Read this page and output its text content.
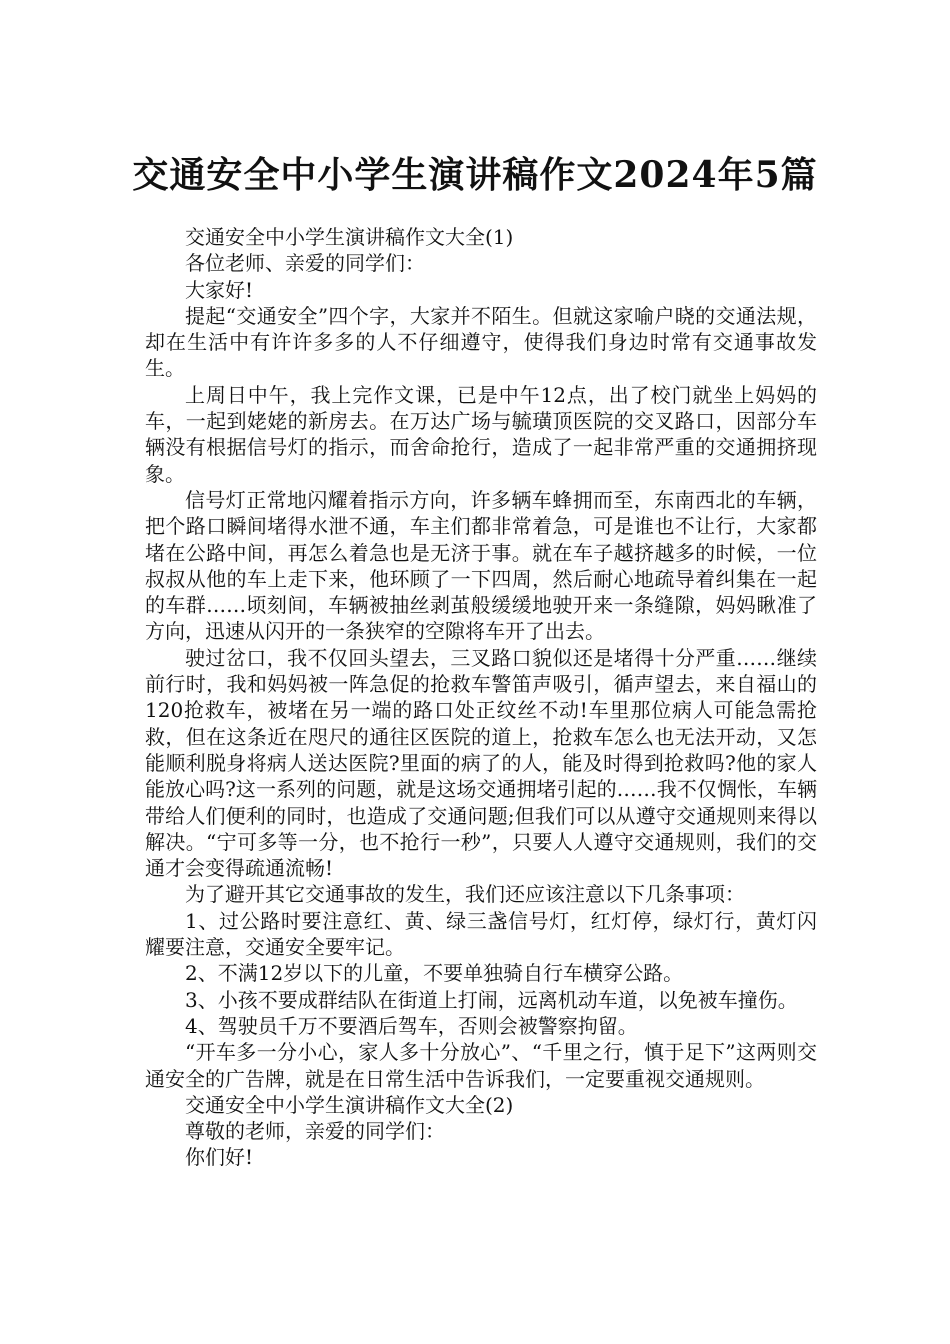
交通安全中小学生演讲稿作文2024年5篇

交通安全中小学生演讲稿作文大全(1)

各位老师、亲爱的同学们：

大家好!

提起“交通安全”四个字，大家并不陌生。但就这家喻户晓的交通法规，却在生活中有许许多多的人不仔细遵守，使得我们身边时常有交通事故发生。

上周日中午，我上完作文课，已是中午12点，出了校门就坐上妈妈的车，一起到姥姥的新房去。在万达广场与毓璜顶医院的交叉路口，因部分车辆没有根据信号灯的指示，而舍命抢行，造成了一起非常严重的交通拥挤现象。

信号灯正常地闪耀着指示方向，许多辆车蜂拥而至，东南西北的车辆，把个路口瞬间堵得水泄不通，车主们都非常着急，可是谁也不让行，大家都堵在公路中间，再怎么着急也是无济于事。就在车子越挤越多的时候，一位叔叔从他的车上走下来，他环顾了一下四周，然后耐心地疏导着纠集在一起的车群……顷刻间，车辆被抽丝剥茧般缓缓地驶开来一条缝隙，妈妈瞅准了方向，迅速从闪开的一条狭窄的空隙将车开了出去。

驶过岔口，我不仅回头望去，三叉路口貌似还是堵得十分严重……继续前行时，我和妈妈被一阵急促的抢救车警笛声吸引，循声望去，来自福山的120抢救车，被堵在另一端的路口处正纹丝不动!车里那位病人可能急需抢救，但在这条近在咫尺的通往区医院的道上，抢救车怎么也无法开动，又怎能顺利脱身将病人送达医院?里面的病了的人，能及时得到抢救吗?他的家人能放心吗?这一系列的问题，就是这场交通拥堵引起的……我不仅惆怅，车辆带给人们便利的同时，也造成了交通问题;但我们可以从遵守交通规则来得以解决。“宁可多等一分，也不抢行一秒”，只要人人遵守交通规则，我们的交通才会变得疏通流畅!

为了避开其它交通事故的发生，我们还应该注意以下几条事项：

1、过公路时要注意红、黄、绿三盏信号灯，红灯停，绿灯行，黄灯闪耀要注意，交通安全要牢记。

2、不满12岁以下的儿童，不要单独骑自行车横穿公路。

3、小孩不要成群结队在街道上打闹，远离机动车道，以免被车撞伤。

4、驾驶员千万不要酒后驾车，否则会被警察拘留。

“开车多一分小心，家人多十分放心”、“千里之行，慎于足下”这两则交通安全的广告牌，就是在日常生活中告诉我们，一定要重视交通规则。

交通安全中小学生演讲稿作文大全(2)

尊敬的老师，亲爱的同学们：

你们好!
